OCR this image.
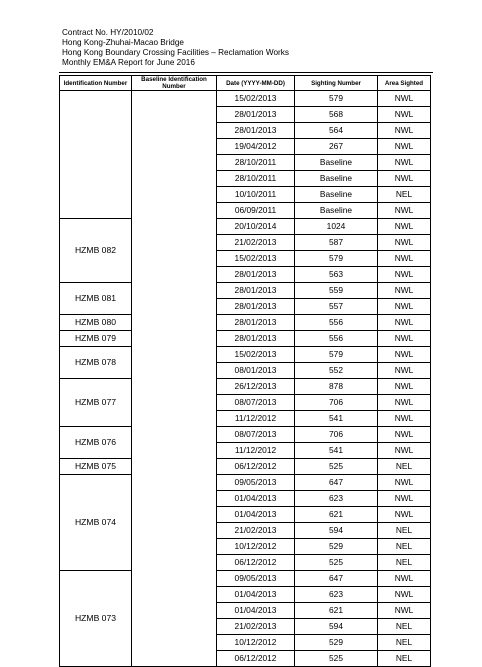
Contract No. HY/2010/02
Hong Kong-Zhuhai-Macao Bridge
Hong Kong Boundary Crossing Facilities – Reclamation Works
Monthly EM&A Report for June 2016
Identification Number	Baseline Identification Number	Date (YYYY-MM-DD)	Sighting Number	Area Sighted
		15/02/2013	579	NWL
		28/01/2013	568	NWL
		28/01/2013	564	NWL
		19/04/2012	267	NWL
		28/10/2011	Baseline	NWL
		28/10/2011	Baseline	NWL
		10/10/2011	Baseline	NEL
		06/09/2011	Baseline	NWL
HZMB 082		20/10/2014	1024	NWL
		21/02/2013	587	NWL
		15/02/2013	579	NWL
		28/01/2013	563	NWL
HZMB 081		28/01/2013	559	NWL
		28/01/2013	557	NWL
HZMB 080		28/01/2013	556	NWL
HZMB 079		28/01/2013	556	NWL
HZMB 078		15/02/2013	579	NWL
		08/01/2013	552	NWL
HZMB 077		26/12/2013	878	NWL
		08/07/2013	706	NWL
		11/12/2012	541	NWL
HZMB 076		08/07/2013	706	NWL
		11/12/2012	541	NWL
HZMB 075		06/12/2012	525	NEL
HZMB 074		09/05/2013	647	NWL
		01/04/2013	623	NWL
		01/04/2013	621	NWL
		21/02/2013	594	NEL
		10/12/2012	529	NEL
		06/12/2012	525	NEL
HZMB 073		09/05/2013	647	NWL
		01/04/2013	623	NWL
		01/04/2013	621	NWL
		21/02/2013	594	NEL
		10/12/2012	529	NEL
		06/12/2012	525	NEL
